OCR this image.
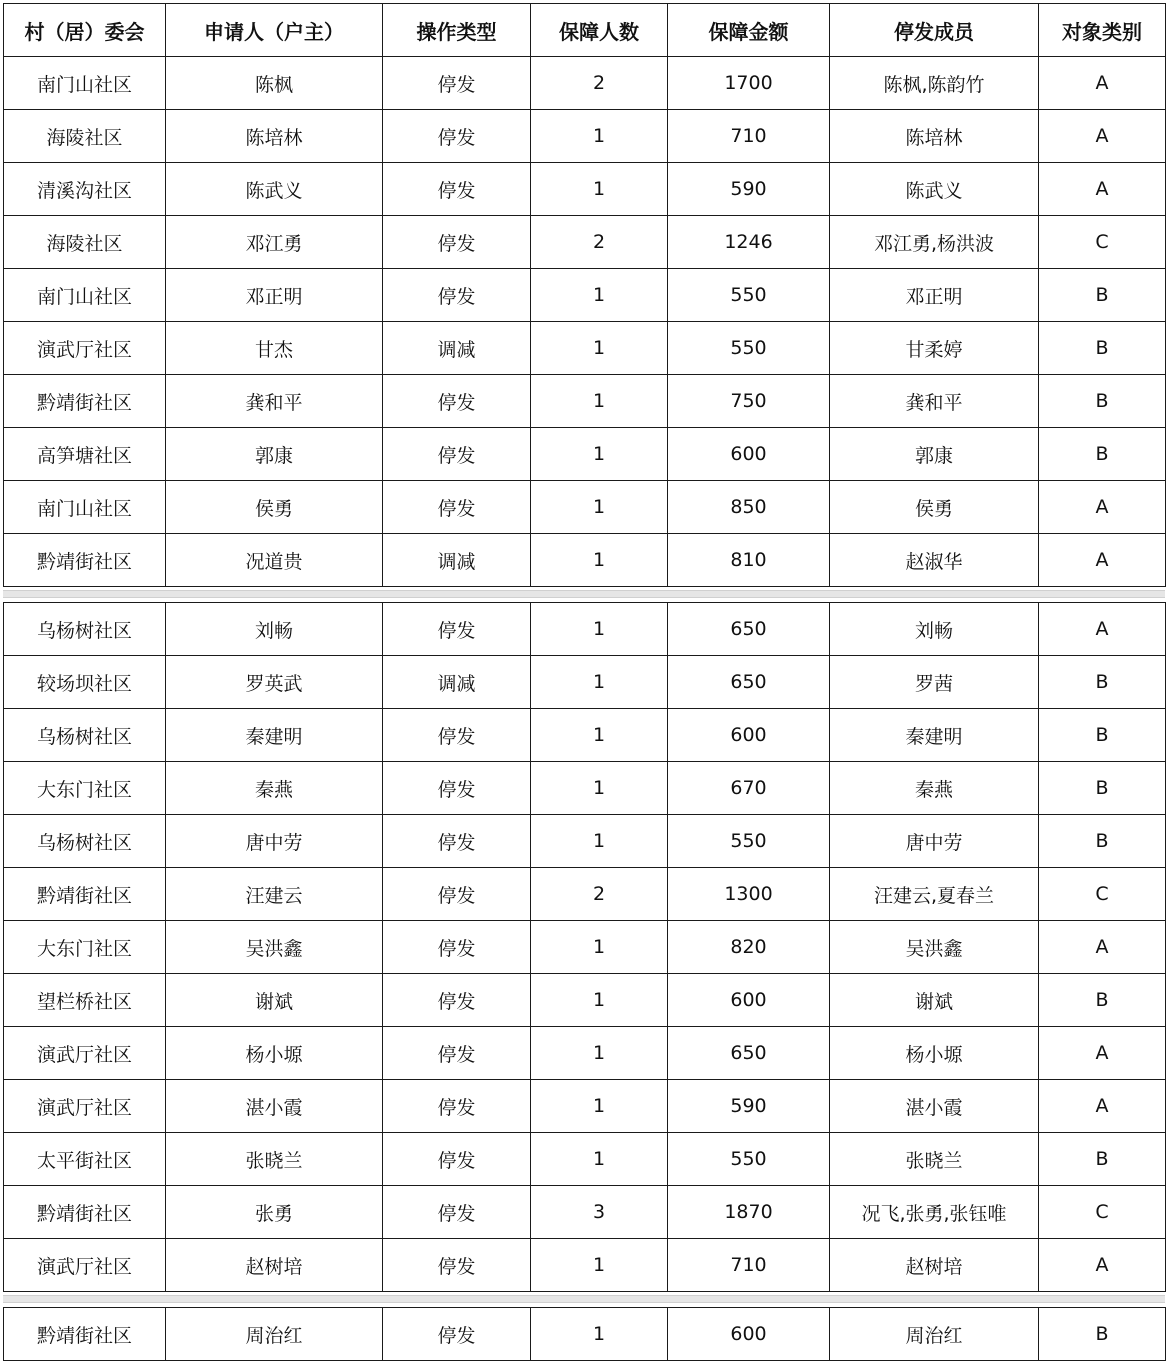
村（居）委会	申请人（户主）	操作类型	保障人数	保障金额	停发成员	对象类别
南门山社区	陈枫	停发	2	1700	陈枫,陈韵竹	A
海陵社区	陈培林	停发	1	710	陈培林	A
清溪沟社区	陈武义	停发	1	590	陈武义	A
海陵社区	邓江勇	停发	2	1246	邓江勇,杨洪波	C
南门山社区	邓正明	停发	1	550	邓正明	B
演武厅社区	甘杰	调减	1	550	甘柔婷	B
黔靖街社区	龚和平	停发	1	750	龚和平	B
高笋塘社区	郭康	停发	1	600	郭康	B
南门山社区	侯勇	停发	1	850	侯勇	A
黔靖街社区	况道贵	调减	1	810	赵淑华	A
乌杨树社区	刘畅	停发	1	650	刘畅	A
较场坝社区	罗英武	调减	1	650	罗茜	B
乌杨树社区	秦建明	停发	1	600	秦建明	B
大东门社区	秦燕	停发	1	670	秦燕	B
乌杨树社区	唐中劳	停发	1	550	唐中劳	B
黔靖街社区	汪建云	停发	2	1300	汪建云,夏春兰	C
大东门社区	吴洪鑫	停发	1	820	吴洪鑫	A
望栏桥社区	谢斌	停发	1	600	谢斌	B
演武厅社区	杨小塬	停发	1	650	杨小塬	A
演武厅社区	湛小霞	停发	1	590	湛小霞	A
太平街社区	张晓兰	停发	1	550	张晓兰	B
黔靖街社区	张勇	停发	3	1870	况飞,张勇,张钰唯	C
演武厅社区	赵树培	停发	1	710	赵树培	A
黔靖街社区	周治红	停发	1	600	周治红	B
